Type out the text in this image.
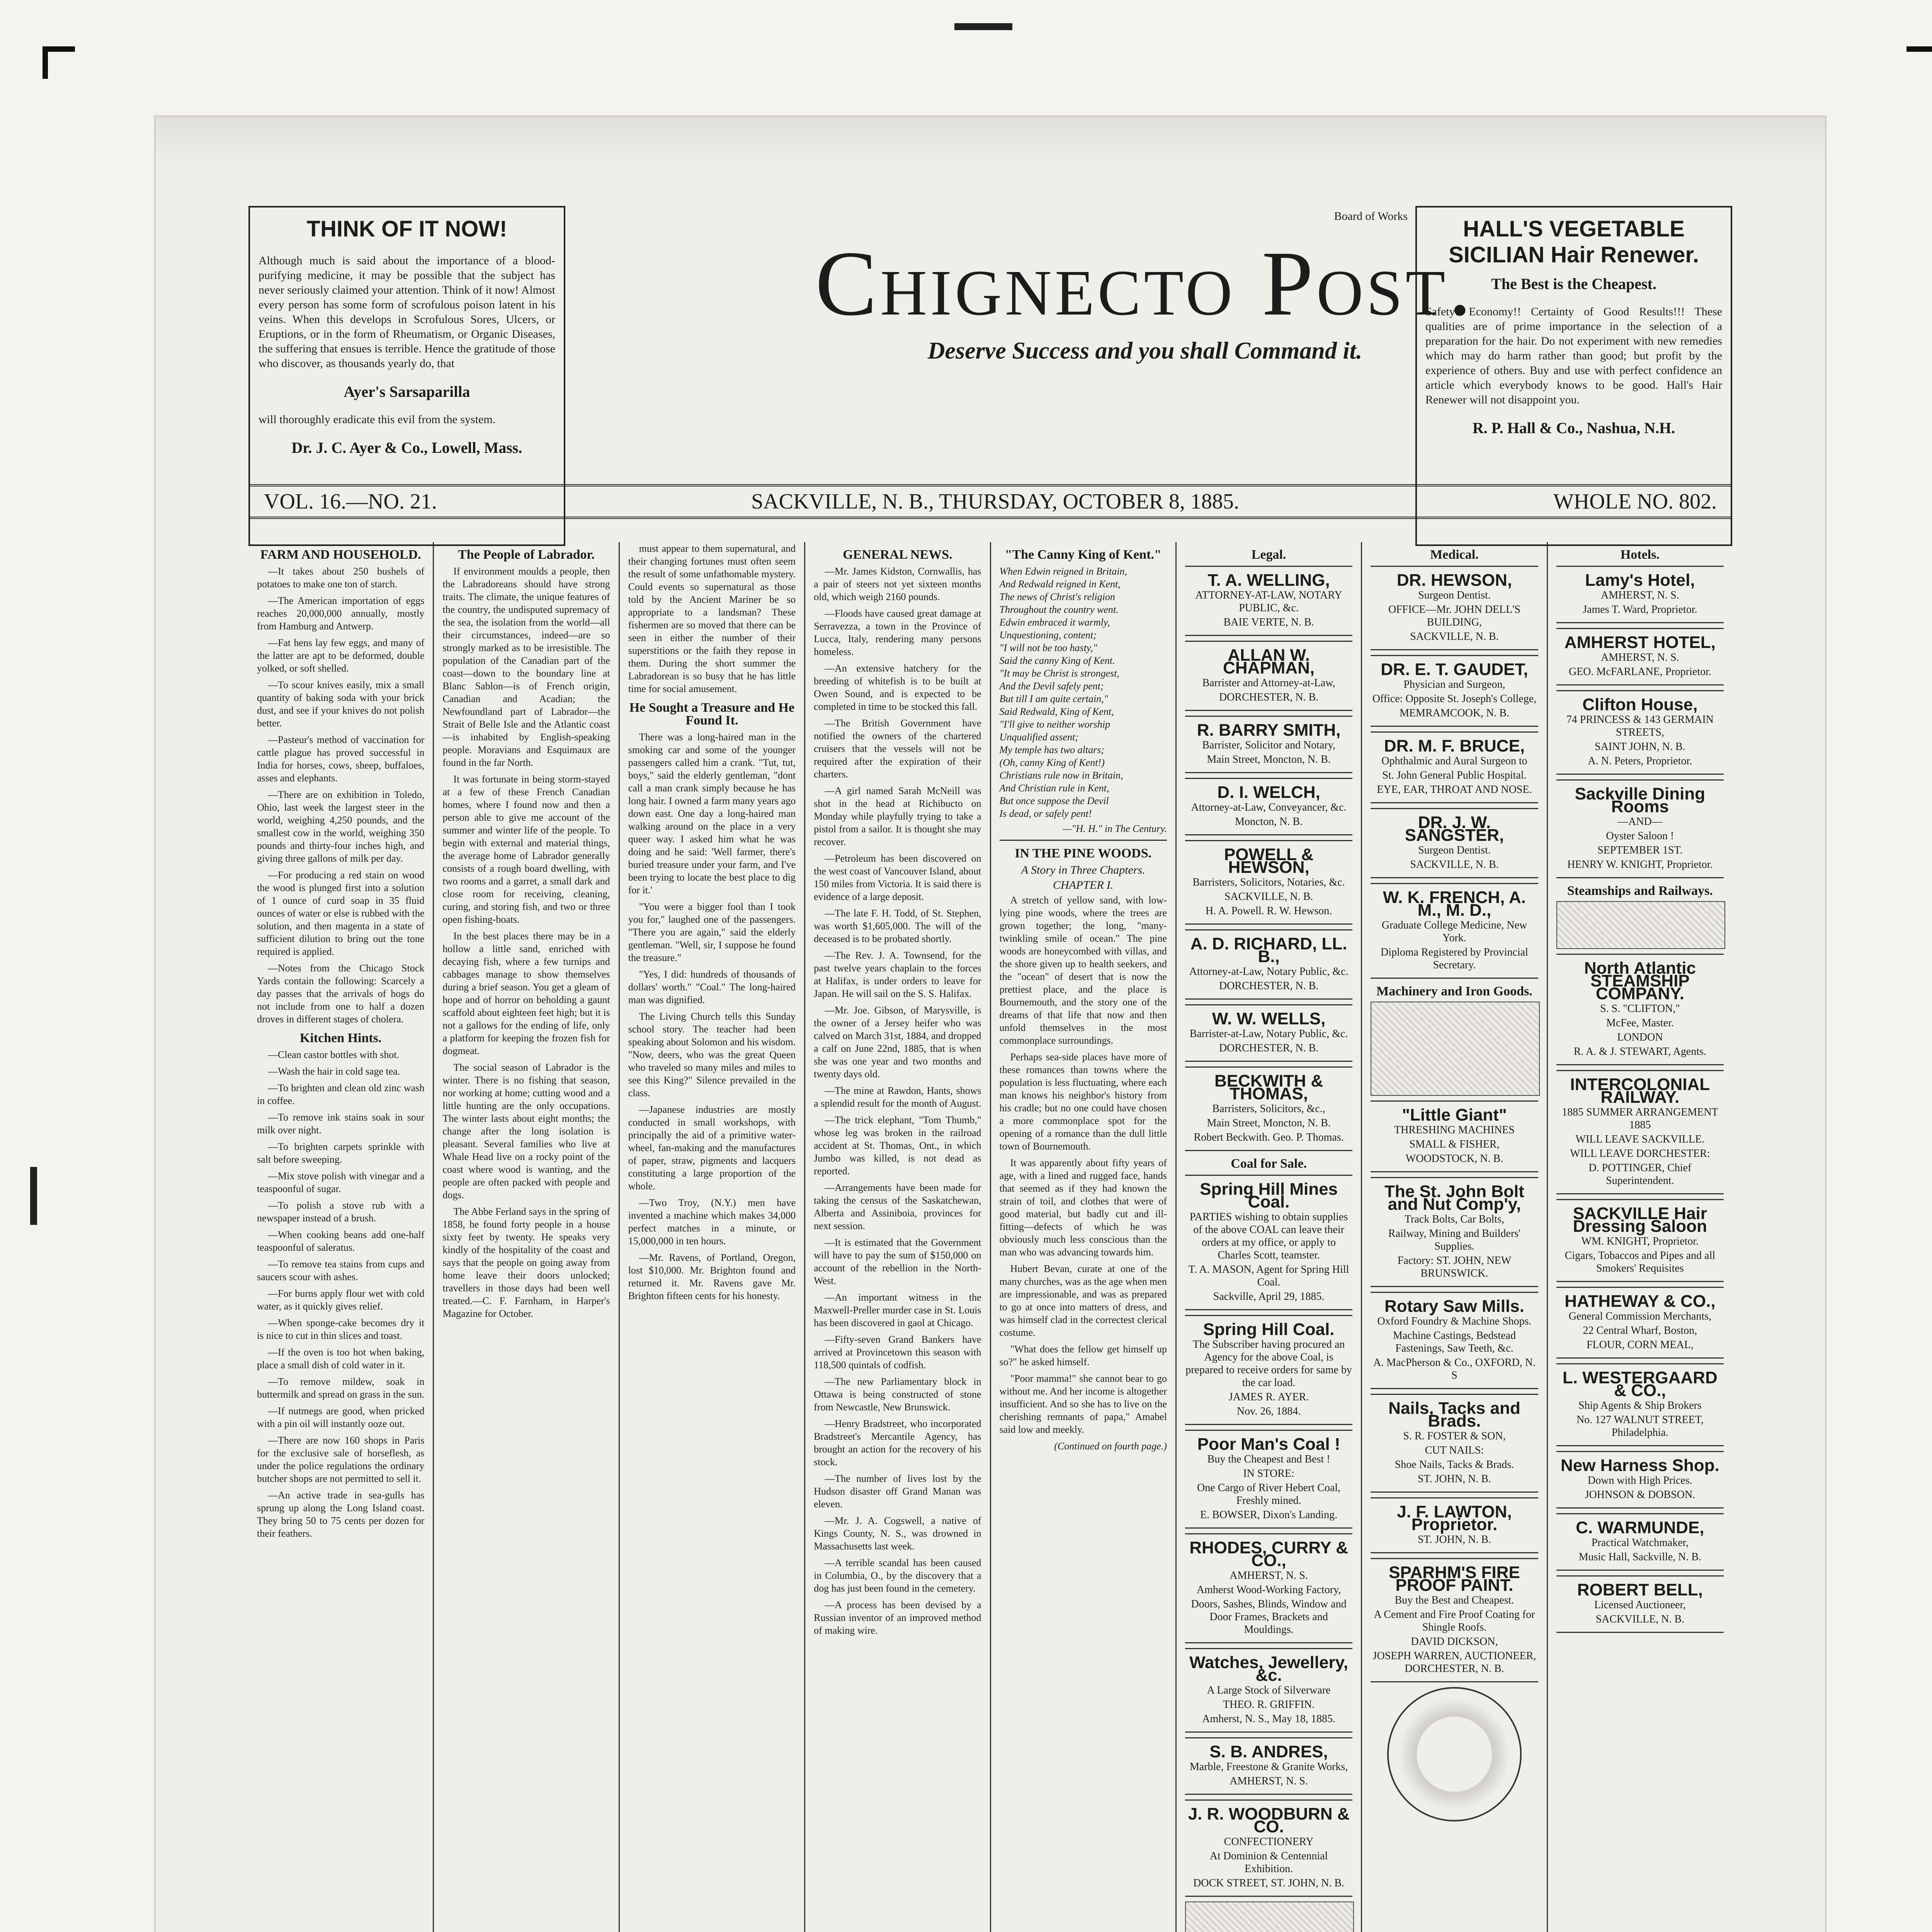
THINK OF IT NOW!

Although much is said about the importance of a blood-purifying medicine, it may be possible that the subject has never seriously claimed your attention. Think of it now! Almost every person has some form of scrofulous poison latent in his veins. When this develops in Scrofulous Sores, Ulcers, or Eruptions, or in the form of Rheumatism, or Organic Diseases, the suffering that ensues is terrible. Hence the gratitude of those who discover, as thousands yearly do, that

Ayer's Sarsaparilla

will thoroughly eradicate this evil from the system.

Dr. J. C. Ayer & Co., Lowell, Mass.

Board of Works

Chignecto Post.

Deserve Success and you shall Command it.

HALL'S VEGETABLE SICILIAN Hair Renewer.

The Best is the Cheapest.

Safety! Economy!! Certainty of Good Results!!! These qualities are of prime importance in the selection of a preparation for the hair. Do not experiment with new remedies which may do harm rather than good; but profit by the experience of others. Buy and use with perfect confidence an article which everybody knows to be good. Hall's Hair Renewer will not disappoint you.

R. P. Hall & Co., Nashua, N.H.

VOL. 16.—NO. 21.	SACKVILLE, N. B., THURSDAY, OCTOBER 8, 1885.	WHOLE NO. 802.
FARM AND HOUSEHOLD.

—It takes about 250 bushels of potatoes to make one ton of starch.

—The American importation of eggs reaches 20,000,000 annually, mostly from Hamburg and Antwerp.

—Fat hens lay few eggs, and many of the latter are apt to be deformed, double yolked, or soft shelled.

—To scour knives easily, mix a small quantity of baking soda with your brick dust, and see if your knives do not polish better.

—Pasteur's method of vaccination for cattle plague has proved successful in India for horses, cows, sheep, buffaloes, asses and elephants.

—There are on exhibition in Toledo, Ohio, last week the largest steer in the world, weighing 4,250 pounds, and the smallest cow in the world, weighing 350 pounds and thirty-four inches high, and giving three gallons of milk per day.

—For producing a red stain on wood the wood is plunged first into a solution of 1 ounce of curd soap in 35 fluid ounces of water or else is rubbed with the solution, and then magenta in a state of sufficient dilution to bring out the tone required is applied.

—Notes from the Chicago Stock Yards contain the following: Scarcely a day passes that the arrivals of hogs do not include from one to half a dozen droves in different stages of cholera.

Kitchen Hints.

—Clean castor bottles with shot.

—Wash the hair in cold sage tea.

—To brighten and clean old zinc wash in coffee.

—To remove ink stains soak in sour milk over night.

—To brighten carpets sprinkle with salt before sweeping.

—Mix stove polish with vinegar and a teaspoonful of sugar.

—To polish a stove rub with a newspaper instead of a brush.

—When cooking beans add one-half teaspoonful of saleratus.

—To remove tea stains from cups and saucers scour with ashes.

—For burns apply flour wet with cold water, as it quickly gives relief.

—When sponge-cake becomes dry it is nice to cut in thin slices and toast.

—If the oven is too hot when baking, place a small dish of cold water in it.

—To remove mildew, soak in buttermilk and spread on grass in the sun.

—If nutmegs are good, when pricked with a pin oil will instantly ooze out.

—There are now 160 shops in Paris for the exclusive sale of horseflesh, as under the police regulations the ordinary butcher shops are not permitted to sell it.

—An active trade in sea-gulls has sprung up along the Long Island coast. They bring 50 to 75 cents per dozen for their feathers.

The People of Labrador.

If environment moulds a people, then the Labradoreans should have strong traits. The climate, the unique features of the country, the undisputed supremacy of the sea, the isolation from the world—all their circumstances, indeed—are so strongly marked as to be irresistible. The population of the Canadian part of the coast—down to the boundary line at Blanc Sablon—is of French origin, Canadian and Acadian; the Newfoundland part of Labrador—the Strait of Belle Isle and the Atlantic coast—is inhabited by English-speaking people. Moravians and Esquimaux are found in the far North.

It was fortunate in being storm-stayed at a few of these French Canadian homes, where I found now and then a person able to give me account of the summer and winter life of the people. To begin with external and material things, the average home of Labrador generally consists of a rough board dwelling, with two rooms and a garret, a small dark and close room for receiving, cleaning, curing, and storing fish, and two or three open fishing-boats.

In the best places there may be in a hollow a little sand, enriched with decaying fish, where a few turnips and cabbages manage to show themselves during a brief season. You get a gleam of hope and of horror on beholding a gaunt scaffold about eighteen feet high; but it is not a gallows for the ending of life, only a platform for keeping the frozen fish for dogmeat.

The social season of Labrador is the winter. There is no fishing that season, nor working at home; cutting wood and a little hunting are the only occupations. The winter lasts about eight months; the change after the long isolation is pleasant. Several families who live at Whale Head live on a rocky point of the coast where wood is wanting, and the people are often packed with people and dogs.

The Abbe Ferland says in the spring of 1858, he found forty people in a house sixty feet by twenty. He speaks very kindly of the hospitality of the coast and says that the people on going away from home leave their doors unlocked; travellers in those days had been well treated.—C. F. Farnham, in Harper's Magazine for October.

must appear to them supernatural, and their changing fortunes must often seem the result of some unfathomable mystery. Could events so supernatural as those told by the Ancient Mariner be so appropriate to a landsman? These fishermen are so moved that there can be seen in either the number of their superstitions or the faith they repose in them. During the short summer the Labradorean is so busy that he has little time for social amusement.

He Sought a Treasure and He Found It.

There was a long-haired man in the smoking car and some of the younger passengers called him a crank. "Tut, tut, boys," said the elderly gentleman, "dont call a man crank simply because he has long hair. I owned a farm many years ago down east. One day a long-haired man walking around on the place in a very queer way. I asked him what he was doing and he said: 'Well farmer, there's buried treasure under your farm, and I've been trying to locate the best place to dig for it.'

"You were a bigger fool than I took you for," laughed one of the passengers. "There you are again," said the elderly gentleman. "Well, sir, I suppose he found the treasure."

"Yes, I did: hundreds of thousands of dollars' worth." "Coal." The long-haired man was dignified.

The Living Church tells this Sunday school story. The teacher had been speaking about Solomon and his wisdom. "Now, deers, who was the great Queen who traveled so many miles and miles to see this King?" Silence prevailed in the class.

—Japanese industries are mostly conducted in small workshops, with principally the aid of a primitive water-wheel, fan-making and the manufactures of paper, straw, pigments and lacquers constituting a large proportion of the whole.

—Two Troy, (N.Y.) men have invented a machine which makes 34,000 perfect matches in a minute, or 15,000,000 in ten hours.

—Mr. Ravens, of Portland, Oregon, lost $10,000. Mr. Brighton found and returned it. Mr. Ravens gave Mr. Brighton fifteen cents for his honesty.

GENERAL NEWS.

—Mr. James Kidston, Cornwallis, has a pair of steers not yet sixteen months old, which weigh 2160 pounds.

—Floods have caused great damage at Serravezza, a town in the Province of Lucca, Italy, rendering many persons homeless.

—An extensive hatchery for the breeding of whitefish is to be built at Owen Sound, and is expected to be completed in time to be stocked this fall.

—The British Government have notified the owners of the chartered cruisers that the vessels will not be required after the expiration of their charters.

—A girl named Sarah McNeill was shot in the head at Richibucto on Monday while playfully trying to take a pistol from a sailor. It is thought she may recover.

—Petroleum has been discovered on the west coast of Vancouver Island, about 150 miles from Victoria. It is said there is evidence of a large deposit.

—The late F. H. Todd, of St. Stephen, was worth $1,605,000. The will of the deceased is to be probated shortly.

—The Rev. J. A. Townsend, for the past twelve years chaplain to the forces at Halifax, is under orders to leave for Japan. He will sail on the S. S. Halifax.

—Mr. Joe. Gibson, of Marysville, is the owner of a Jersey heifer who was calved on March 31st, 1884, and dropped a calf on June 22nd, 1885, that is when she was one year and two months and twenty days old.

—The mine at Rawdon, Hants, shows a splendid result for the month of August.

—The trick elephant, "Tom Thumb," whose leg was broken in the railroad accident at St. Thomas, Ont., in which Jumbo was killed, is not dead as reported.

—Arrangements have been made for taking the census of the Saskatchewan, Alberta and Assiniboia, provinces for next session.

—It is estimated that the Government will have to pay the sum of $150,000 on account of the rebellion in the North-West.

—An important witness in the Maxwell-Preller murder case in St. Louis has been discovered in gaol at Chicago.

—Fifty-seven Grand Bankers have arrived at Provincetown this season with 118,500 quintals of codfish.

—The new Parliamentary block in Ottawa is being constructed of stone from Newcastle, New Brunswick.

—Henry Bradstreet, who incorporated Bradstreet's Mercantile Agency, has brought an action for the recovery of his stock.

—The number of lives lost by the Hudson disaster off Grand Manan was eleven.

—Mr. J. A. Cogswell, a native of Kings County, N. S., was drowned in Massachusetts last week.

—A terrible scandal has been caused in Columbia, O., by the discovery that a dog has just been found in the cemetery.

—A process has been devised by a Russian inventor of an improved method of making wire.

"The Canny King of Kent."

When Edwin reigned in Britain,

And Redwald reigned in Kent,

The news of Christ's religion

Throughout the country went.

Edwin embraced it warmly,

Unquestioning, content;

"I will not be too hasty,"

Said the canny King of Kent.

"It may be Christ is strongest,

And the Devil safely pent;

But till I am quite certain,"

Said Redwald, King of Kent,

"I'll give to neither worship

Unqualified assent;

My temple has two altars;

(Oh, canny King of Kent!)

Christians rule now in Britain,

And Christian rule in Kent,

But once suppose the Devil

Is dead, or safely pent!

—"H. H." in The Century.
IN THE PINE WOODS.
A Story in Three Chapters.
CHAPTER I.

A stretch of yellow sand, with low-lying pine woods, where the trees are grown together; the long, "many-twinkling smile of ocean." The pine woods are honeycombed with villas, and the shore given up to health seekers, and the "ocean" of desert that is now the prettiest place, and the place is Bournemouth, and the story one of the dreams of that life that now and then unfold themselves in the most commonplace surroundings.

Perhaps sea-side places have more of these romances than towns where the population is less fluctuating, where each man knows his neighbor's history from his cradle; but no one could have chosen a more commonplace spot for the opening of a romance than the dull little town of Bournemouth.

It was apparently about fifty years of age, with a lined and rugged face, hands that seemed as if they had known the strain of toil, and clothes that were of good material, but badly cut and ill-fitting—defects of which he was obviously much less conscious than the man who was advancing towards him.

Hubert Bevan, curate at one of the many churches, was as the age when men are impressionable, and was as prepared to go at once into matters of dress, and was himself clad in the correctest clerical costume.

"What does the fellow get himself up so?" he asked himself.

"Poor mamma!" she cannot bear to go without me. And her income is altogether insufficient. And so she has to live on the cherishing remnants of papa," Amabel said low and meekly.

(Continued on fourth page.)
Legal.
T. A. WELLING,
ATTORNEY-AT-LAW, NOTARY PUBLIC, &c.
BAIE VERTE, N. B.
ALLAN W. CHAPMAN,
Barrister and Attorney-at-Law,
DORCHESTER, N. B.
R. BARRY SMITH,
Barrister, Solicitor and Notary,
Main Street, Moncton, N. B.
D. I. WELCH,
Attorney-at-Law, Conveyancer, &c.
Moncton, N. B.
POWELL & HEWSON,
Barristers, Solicitors, Notaries, &c.
SACKVILLE, N. B.
H. A. Powell. R. W. Hewson.
A. D. RICHARD, LL. B.,
Attorney-at-Law, Notary Public, &c.
DORCHESTER, N. B.
W. W. WELLS,
Barrister-at-Law, Notary Public, &c.
DORCHESTER, N. B.
BECKWITH & THOMAS,
Barristers, Solicitors, &c.,
Main Street, Moncton, N. B.
Robert Beckwith. Geo. P. Thomas.
Coal for Sale.
Spring Hill Mines Coal.
PARTIES wishing to obtain supplies of the above COAL can leave their orders at my office, or apply to Charles Scott, teamster.
T. A. MASON, Agent for Spring Hill Coal.
Sackville, April 29, 1885.
Spring Hill Coal.
The Subscriber having procured an Agency for the above Coal, is prepared to receive orders for same by the car load.
JAMES R. AYER.
Nov. 26, 1884.
Poor Man's Coal !
Buy the Cheapest and Best !
IN STORE:
One Cargo of River Hebert Coal, Freshly mined.
E. BOWSER, Dixon's Landing.
RHODES, CURRY & CO.,
AMHERST, N. S.
Amherst Wood-Working Factory,
Doors, Sashes, Blinds, Window and Door Frames, Brackets and Mouldings.
Watches, Jewellery, &c.
A Large Stock of Silverware
THEO. R. GRIFFIN.
Amherst, N. S., May 18, 1885.
S. B. ANDRES,
Marble, Freestone & Granite Works,
AMHERST, N. S.
J. R. WOODBURN & CO.
CONFECTIONERY
At Dominion & Centennial Exhibition.
DOCK STREET, ST. JOHN, N. B.
Medical.
DR. HEWSON,
Surgeon Dentist.
OFFICE—Mr. JOHN DELL'S BUILDING,
SACKVILLE, N. B.
DR. E. T. GAUDET,
Physician and Surgeon,
Office: Opposite St. Joseph's College,
MEMRAMCOOK, N. B.
DR. M. F. BRUCE,
Ophthalmic and Aural Surgeon to
St. John General Public Hospital.
EYE, EAR, THROAT AND NOSE.
DR. J. W. SANGSTER,
Surgeon Dentist.
SACKVILLE, N. B.
W. K. FRENCH, A. M., M. D.,
Graduate College Medicine, New York.
Diploma Registered by Provincial Secretary.
Machinery and Iron Goods.
"Little Giant"
THRESHING MACHINES
SMALL & FISHER,
WOODSTOCK, N. B.
The St. John Bolt and Nut Comp'y,
Track Bolts, Car Bolts,
Railway, Mining and Builders' Supplies.
Factory: ST. JOHN, NEW BRUNSWICK.
Rotary Saw Mills.
Oxford Foundry & Machine Shops.
Machine Castings, Bedstead Fastenings, Saw Teeth, &c.
A. MacPherson & Co., OXFORD, N. S
Nails, Tacks and Brads.
S. R. FOSTER & SON,
CUT NAILS:
Shoe Nails, Tacks & Brads.
ST. JOHN, N. B.
J. F. LAWTON, Proprietor.
ST. JOHN, N. B.
SPARHM'S FIRE PROOF PAINT.
Buy the Best and Cheapest.
A Cement and Fire Proof Coating for Shingle Roofs.
DAVID DICKSON,
JOSEPH WARREN, AUCTIONEER, DORCHESTER, N. B.
Hotels.
Lamy's Hotel,
AMHERST, N. S.
James T. Ward, Proprietor.
AMHERST HOTEL,
AMHERST, N. S.
GEO. McFARLANE, Proprietor.
Clifton House,
74 PRINCESS & 143 GERMAIN STREETS,
SAINT JOHN, N. B.
A. N. Peters, Proprietor.
Sackville Dining Rooms
—AND—
Oyster Saloon !
SEPTEMBER 1ST.
HENRY W. KNIGHT, Proprietor.
Steamships and Railways.
North Atlantic STEAMSHIP COMPANY.
S. S. "CLIFTON,"
McFee, Master.
LONDON
R. A. & J. STEWART, Agents.
INTERCOLONIAL RAILWAY.
1885 SUMMER ARRANGEMENT 1885
WILL LEAVE SACKVILLE.
WILL LEAVE DORCHESTER:
D. POTTINGER, Chief Superintendent.
SACKVILLE Hair Dressing Saloon
WM. KNIGHT, Proprietor.
Cigars, Tobaccos and Pipes and all Smokers' Requisites
HATHEWAY & CO.,
General Commission Merchants,
22 Central Wharf, Boston,
FLOUR, CORN MEAL,
L. WESTERGAARD & CO.,
Ship Agents & Ship Brokers
No. 127 WALNUT STREET, Philadelphia.
New Harness Shop.
Down with High Prices.
JOHNSON & DOBSON.
C. WARMUNDE,
Practical Watchmaker,
Music Hall, Sackville, N. B.
ROBERT BELL,
Licensed Auctioneer,
SACKVILLE, N. B.
